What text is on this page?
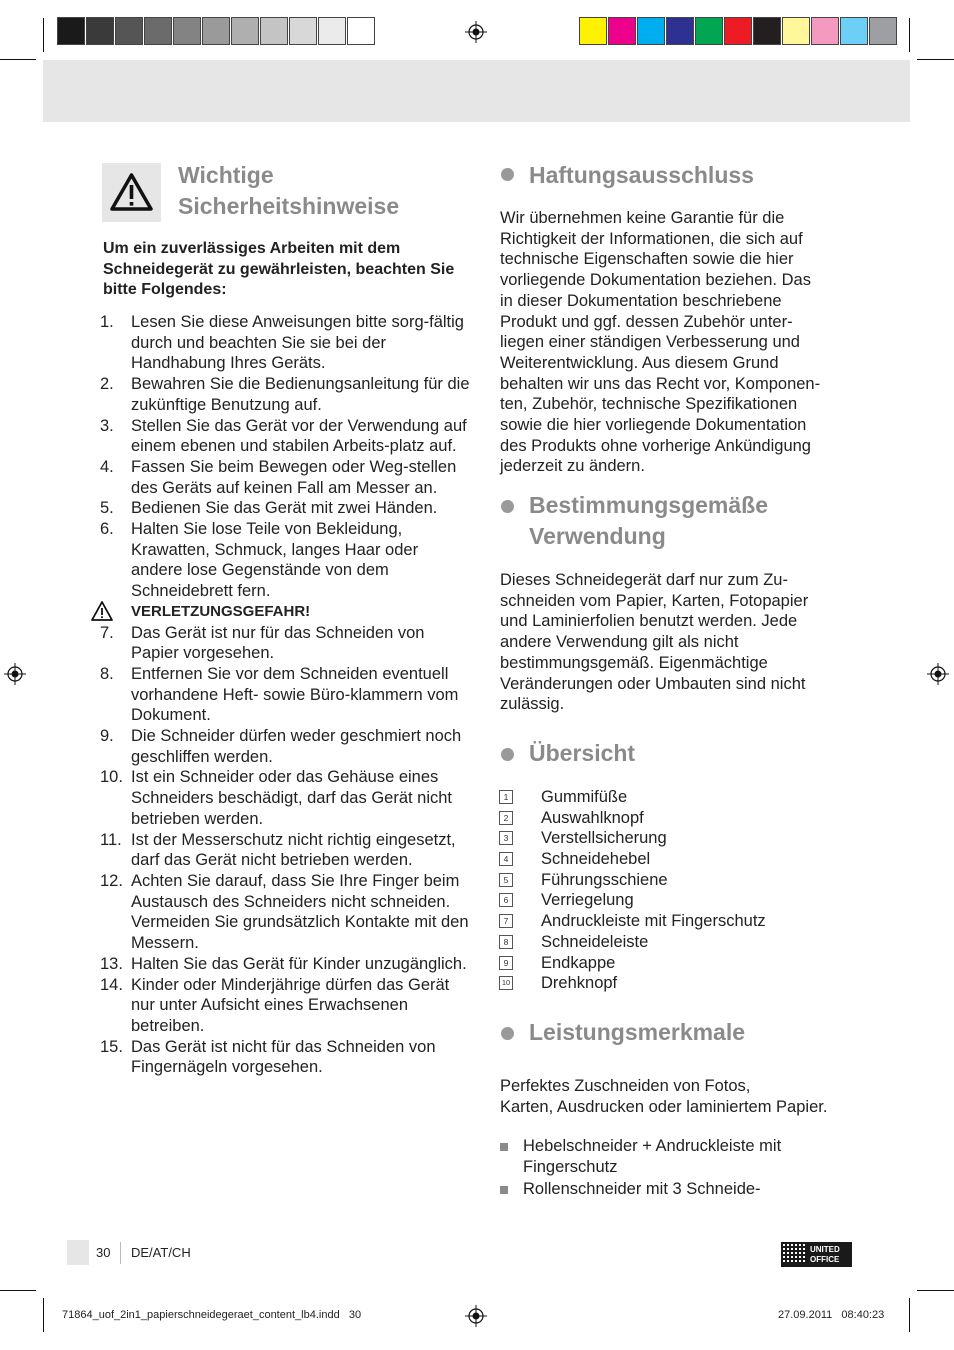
Wichtige
Sicherheitshinweise
Um ein zuverlässiges Arbeiten mit dem Schneidegerät zu gewährleisten, beachten Sie bitte Folgendes:
1.	Lesen Sie diese Anweisungen bitte sorg-fältig durch und beachten Sie sie bei der Handhabung Ihres Geräts.
2.	Bewahren Sie die Bedienungsanleitung für die zukünftige Benutzung auf.
3.	Stellen Sie das Gerät vor der Verwendung auf einem ebenen und stabilen Arbeits-platz auf.
4.	Fassen Sie beim Bewegen oder Weg-stellen des Geräts auf keinen Fall am Messer an.
5.	Bedienen Sie das Gerät mit zwei Händen.
6.	Halten Sie lose Teile von Bekleidung, Krawatten, Schmuck, langes Haar oder andere lose Gegenstände von dem Schneidebrett fern.
VERLETZUNGSGEFAHR!
7.	Das Gerät ist nur für das Schneiden von Papier vorgesehen.
8.	Entfernen Sie vor dem Schneiden eventuell vorhandene Heft- sowie Büro-klammern vom Dokument.
9.	Die Schneider dürfen weder geschmiert noch geschliffen werden.
10. Ist ein Schneider oder das Gehäuse eines Schneiders beschädigt, darf das Gerät nicht betrieben werden.
11. Ist der Messerschutz nicht richtig eingesetzt, darf das Gerät nicht betrieben werden.
12. Achten Sie darauf, dass Sie Ihre Finger beim Austausch des Schneiders nicht schneiden. Vermeiden Sie grundsätzlich Kontakte mit den Messern.
13. Halten Sie das Gerät für Kinder unzugänglich.
14. Kinder oder Minderjährige dürfen das Gerät nur unter Aufsicht eines Erwachsenen betreiben.
15. Das Gerät ist nicht für das Schneiden von Fingernägeln vorgesehen.
Haftungsausschluss
Wir übernehmen keine Garantie für die
Richtigkeit der Informationen, die sich auf
technische Eigenschaften sowie die hier
vorliegende Dokumentation beziehen. Das
in dieser Dokumentation beschriebene
Produkt und ggf. dessen Zubehör unter-
liegen einer ständigen Verbesserung und
Weiterentwicklung. Aus diesem Grund
behalten wir uns das Recht vor, Komponen-
ten, Zubehör, technische Spezifikationen
sowie die hier vorliegende Dokumentation
des Produkts ohne vorherige Ankündigung
jederzeit zu ändern.
Bestimmungsgemäße
Verwendung
Dieses Schneidegerät darf nur zum Zu-
schneiden vom Papier, Karten, Fotopapier
und Laminierfolien benutzt werden. Jede
andere Verwendung gilt als nicht
bestimmungsgemäß. Eigenmächtige
Veränderungen oder Umbauten sind nicht
zulässig.
Übersicht
1 Gummifüße
2 Auswahlknopf
3 Verstellsicherung
4 Schneidehebel
5 Führungsschiene
6 Verriegelung
7 Andruckleiste mit Fingerschutz
8 Schneideleiste
9 Endkappe
10 Drehknopf
Leistungsmerkmale
Perfektes Zuschneiden von Fotos,
Karten, Ausdrucken oder laminiertem Papier.
Hebelschneider + Andruckleiste mit Fingerschutz
Rollenschneider mit 3 Schneide-
30 DE/AT/CH	UNITED
OFFICE
71864_uof_2in1_papierschneidegeraet_content_lb4.indd   30	27.09.2011   08:40:23
